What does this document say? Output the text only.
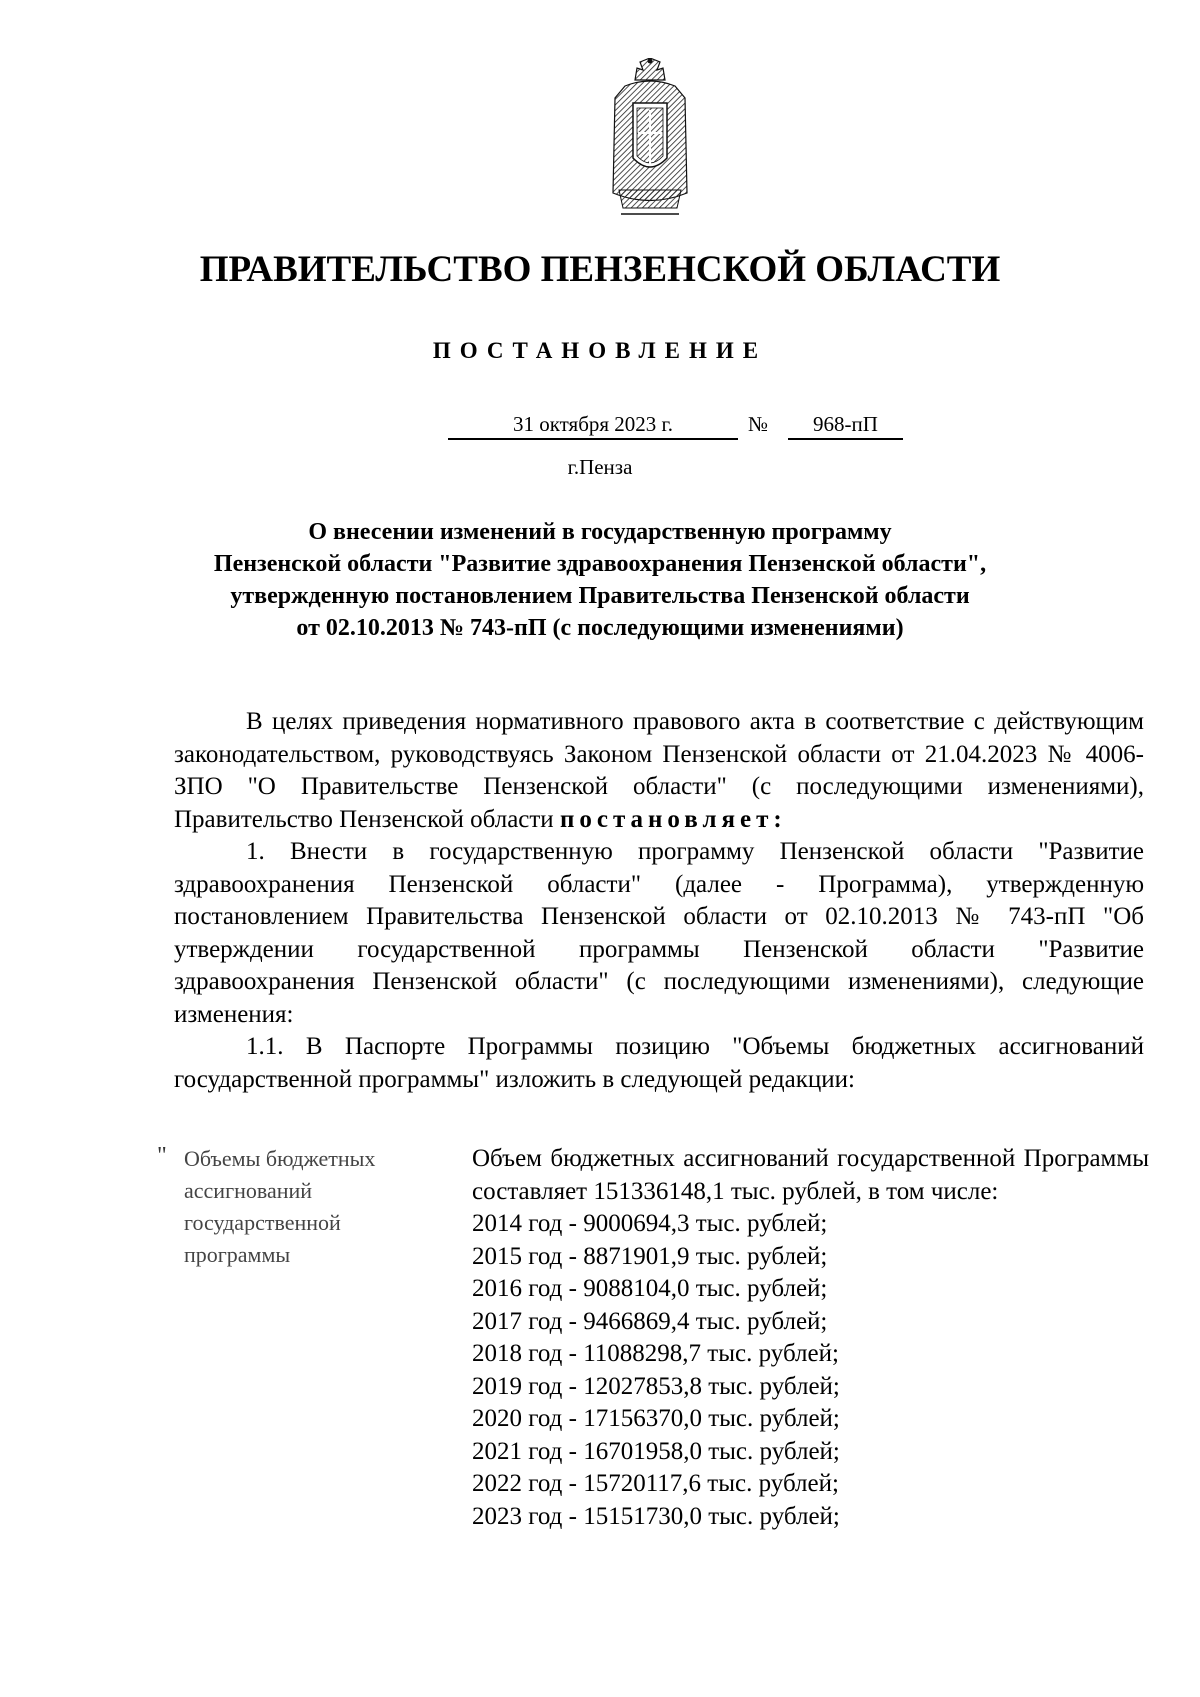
ПРАВИТЕЛЬСТВО ПЕНЗЕНСКОЙ ОБЛАСТИ
ПОСТАНОВЛЕНИЕ
31 октября 2023 г.	№	968-пП
г.Пенза
О внесении изменений в государственную программу
Пензенской области "Развитие здравоохранения Пензенской области",
утвержденную постановлением Правительства Пензенской области
от 02.10.2013 № 743-пП (с последующими изменениями)

В целях приведения нормативного правового акта в соответствие с действующим законодательством, руководствуясь Законом Пензенской области от 21.04.2023 № 4006-ЗПО "О Правительстве Пензенской области" (с последующими изменениями), Правительство Пензенской области постановляет:

1. Внести в государственную программу Пензенской области "Развитие здравоохранения Пензенской области" (далее - Программа), утвержденную постановлением Правительства Пензенской области от 02.10.2013 № 743-пП "Об утверждении государственной программы Пензенской области "Развитие здравоохранения Пензенской области" (с последующими изменениями), следующие изменения:

1.1. В Паспорте Программы позицию "Объемы бюджетных ассигнований государственной программы" изложить в следующей редакции:

" Объемы бюджетных ассигнований государственной программы
Объем бюджетных ассигнований государственной Программы составляет 151336148,1 тыс. рублей, в том числе:
2014 год - 9000694,3 тыс. рублей;
2015 год - 8871901,9 тыс. рублей;
2016 год - 9088104,0 тыс. рублей;
2017 год - 9466869,4 тыс. рублей;
2018 год - 11088298,7 тыс. рублей;
2019 год - 12027853,8 тыс. рублей;
2020 год - 17156370,0 тыс. рублей;
2021 год - 16701958,0 тыс. рублей;
2022 год - 15720117,6 тыс. рублей;
2023 год - 15151730,0 тыс. рублей;
